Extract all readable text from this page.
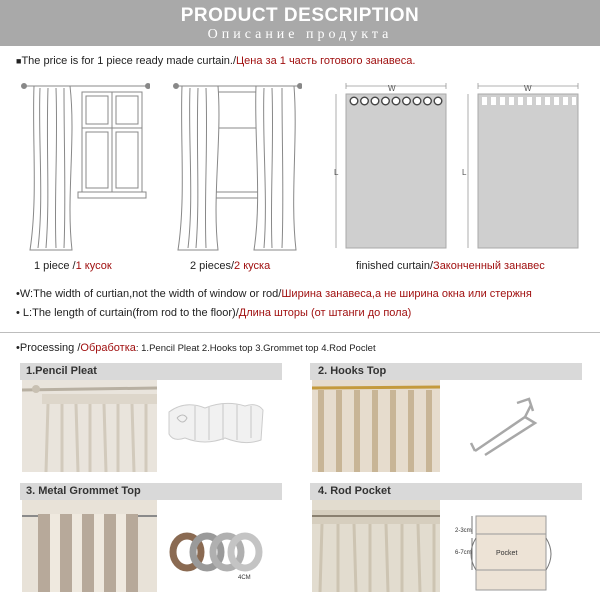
PRODUCT DESCRIPTION
Описание продукта
■The price is for 1 piece ready made curtain./Цена за 1 часть готового занавеса.
1 piece /1 кусок	2 pieces/2 куска
W
L
W
L
finished curtain/Законченный занавес
•W:The width of curtian,not the width of window or rod/Ширина занавеса,а не ширина окна или стержня
• L:The length of curtain(from rod to the floor)/Длина шторы (от штанги до пола)
•Processing /Обработка: 1.Pencil Pleat 2.Hooks top 3.Grommet top 4.Rod Poclet
1.Pencil Pleat	2. Hooks Top
3. Metal Grommet Top
4CM
4. Rod Pocket
2-3cm
6-7cm	Pocket
